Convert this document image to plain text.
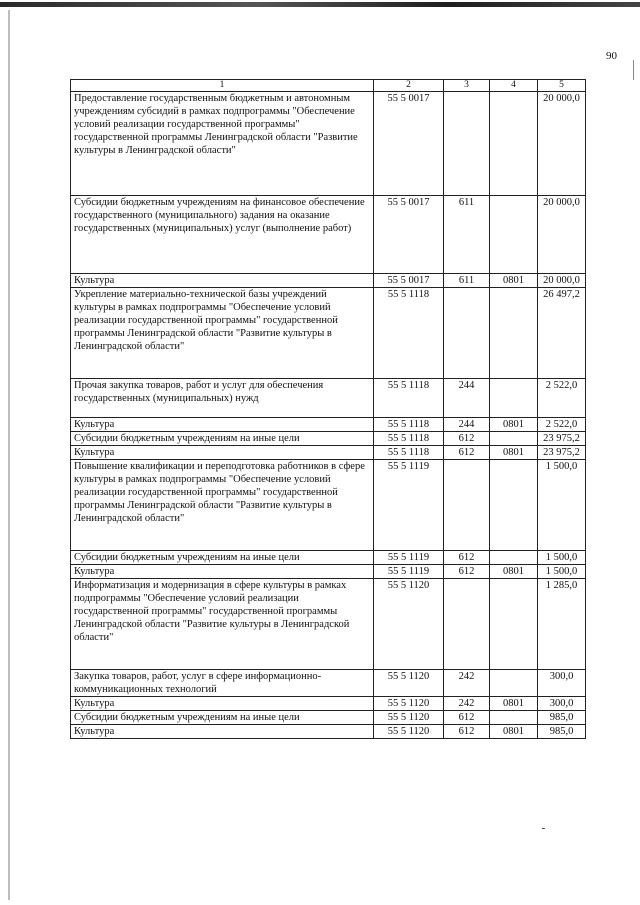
90
1	2	3	4	5
Предоставление государственным бюджетным и автономным учреждениям субсидий в рамках подпрограммы "Обеспечение условий реализации государственной программы" государственной программы Ленинградской области "Развитие культуры в Ленинградской области"	55 5 0017			20 000,0
Субсидии бюджетным учреждениям на финансовое обеспечение государственного (муниципального) задания на оказание государственных (муниципальных) услуг (выполнение работ)	55 5 0017	611		20 000,0
Культура	55 5 0017	611	0801	20 000,0
Укрепление материально-технической базы учреждений культуры в рамках подпрограммы "Обеспечение условий реализации государственной программы" государственной программы Ленинградской области "Развитие культуры в Ленинградской области"	55 5 1118			26 497,2
Прочая закупка товаров, работ и услуг для обеспечения государственных (муниципальных) нужд	55 5 1118	244		2 522,0
Культура	55 5 1118	244	0801	2 522,0
Субсидии бюджетным учреждениям на иные цели	55 5 1118	612		23 975,2
Культура	55 5 1118	612	0801	23 975,2
Повышение квалификации и переподготовка работников в сфере культуры в рамках подпрограммы "Обеспечение условий реализации государственной программы" государственной программы Ленинградской области "Развитие культуры в Ленинградской области"	55 5 1119			1 500,0
Субсидии бюджетным учреждениям на иные цели	55 5 1119	612		1 500,0
Культура	55 5 1119	612	0801	1 500,0
Информатизация и модернизация в сфере культуры в рамках подпрограммы "Обеспечение условий реализации государственной программы" государственной программы Ленинградской области "Развитие культуры в Ленинградской области"	55 5 1120			1 285,0
Закупка товаров, работ, услуг в сфере информационно-коммуникационных технологий	55 5 1120	242		300,0
Культура	55 5 1120	242	0801	300,0
Субсидии бюджетным учреждениям на иные цели	55 5 1120	612		985,0
Культура	55 5 1120	612	0801	985,0
